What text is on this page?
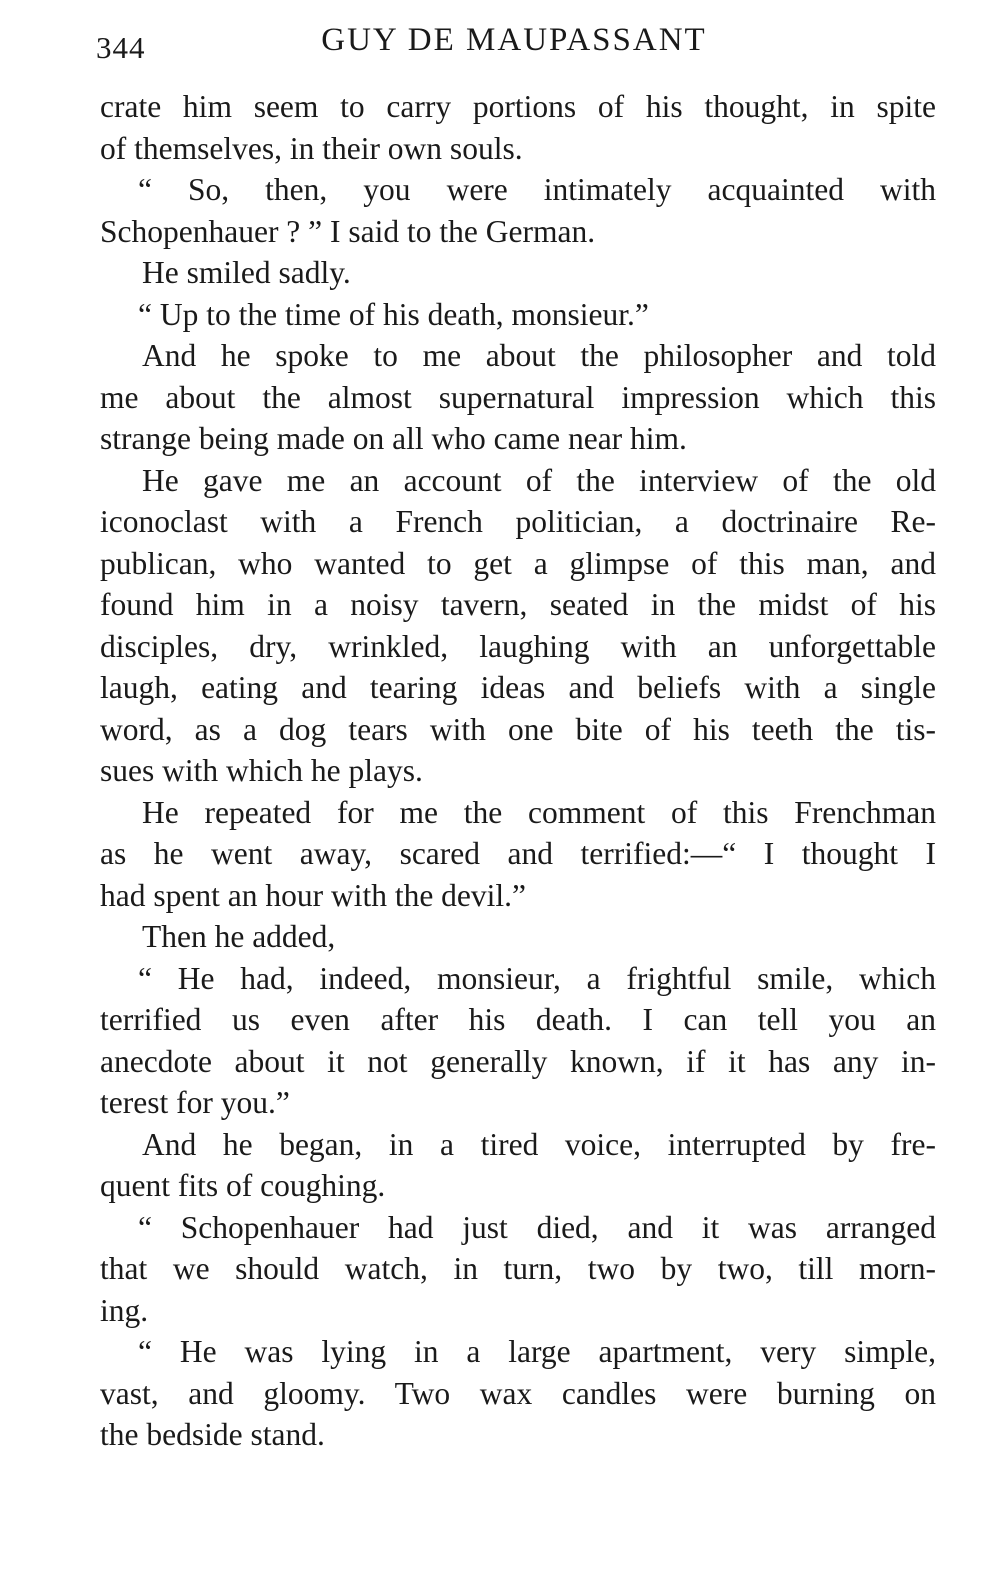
344	GUY DE MAUPASSANT
crate him seem to carry portions of his thought, in spite
of themselves, in their own souls.
“ So, then, you were intimately acquainted with
Schopenhauer ? ” I said to the German.
He smiled sadly.
“ Up to the time of his death, monsieur.”
And he spoke to me about the philosopher and told
me about the almost supernatural impression which this
strange being made on all who came near him.
He gave me an account of the interview of the old
iconoclast with a French politician, a doctrinaire Re-
publican, who wanted to get a glimpse of this man, and
found him in a noisy tavern, seated in the midst of his
disciples, dry, wrinkled, laughing with an unforgettable
laugh, eating and tearing ideas and beliefs with a single
word, as a dog tears with one bite of his teeth the tis-
sues with which he plays.
He repeated for me the comment of this Frenchman
as he went away, scared and terrified:—“ I thought I
had spent an hour with the devil.”
Then he added,
“ He had, indeed, monsieur, a frightful smile, which
terrified us even after his death. I can tell you an
anecdote about it not generally known, if it has any in-
terest for you.”
And he began, in a tired voice, interrupted by fre-
quent fits of coughing.
“ Schopenhauer had just died, and it was arranged
that we should watch, in turn, two by two, till morn-
ing.
“ He was lying in a large apartment, very simple,
vast, and gloomy. Two wax candles were burning on
the bedside stand.
